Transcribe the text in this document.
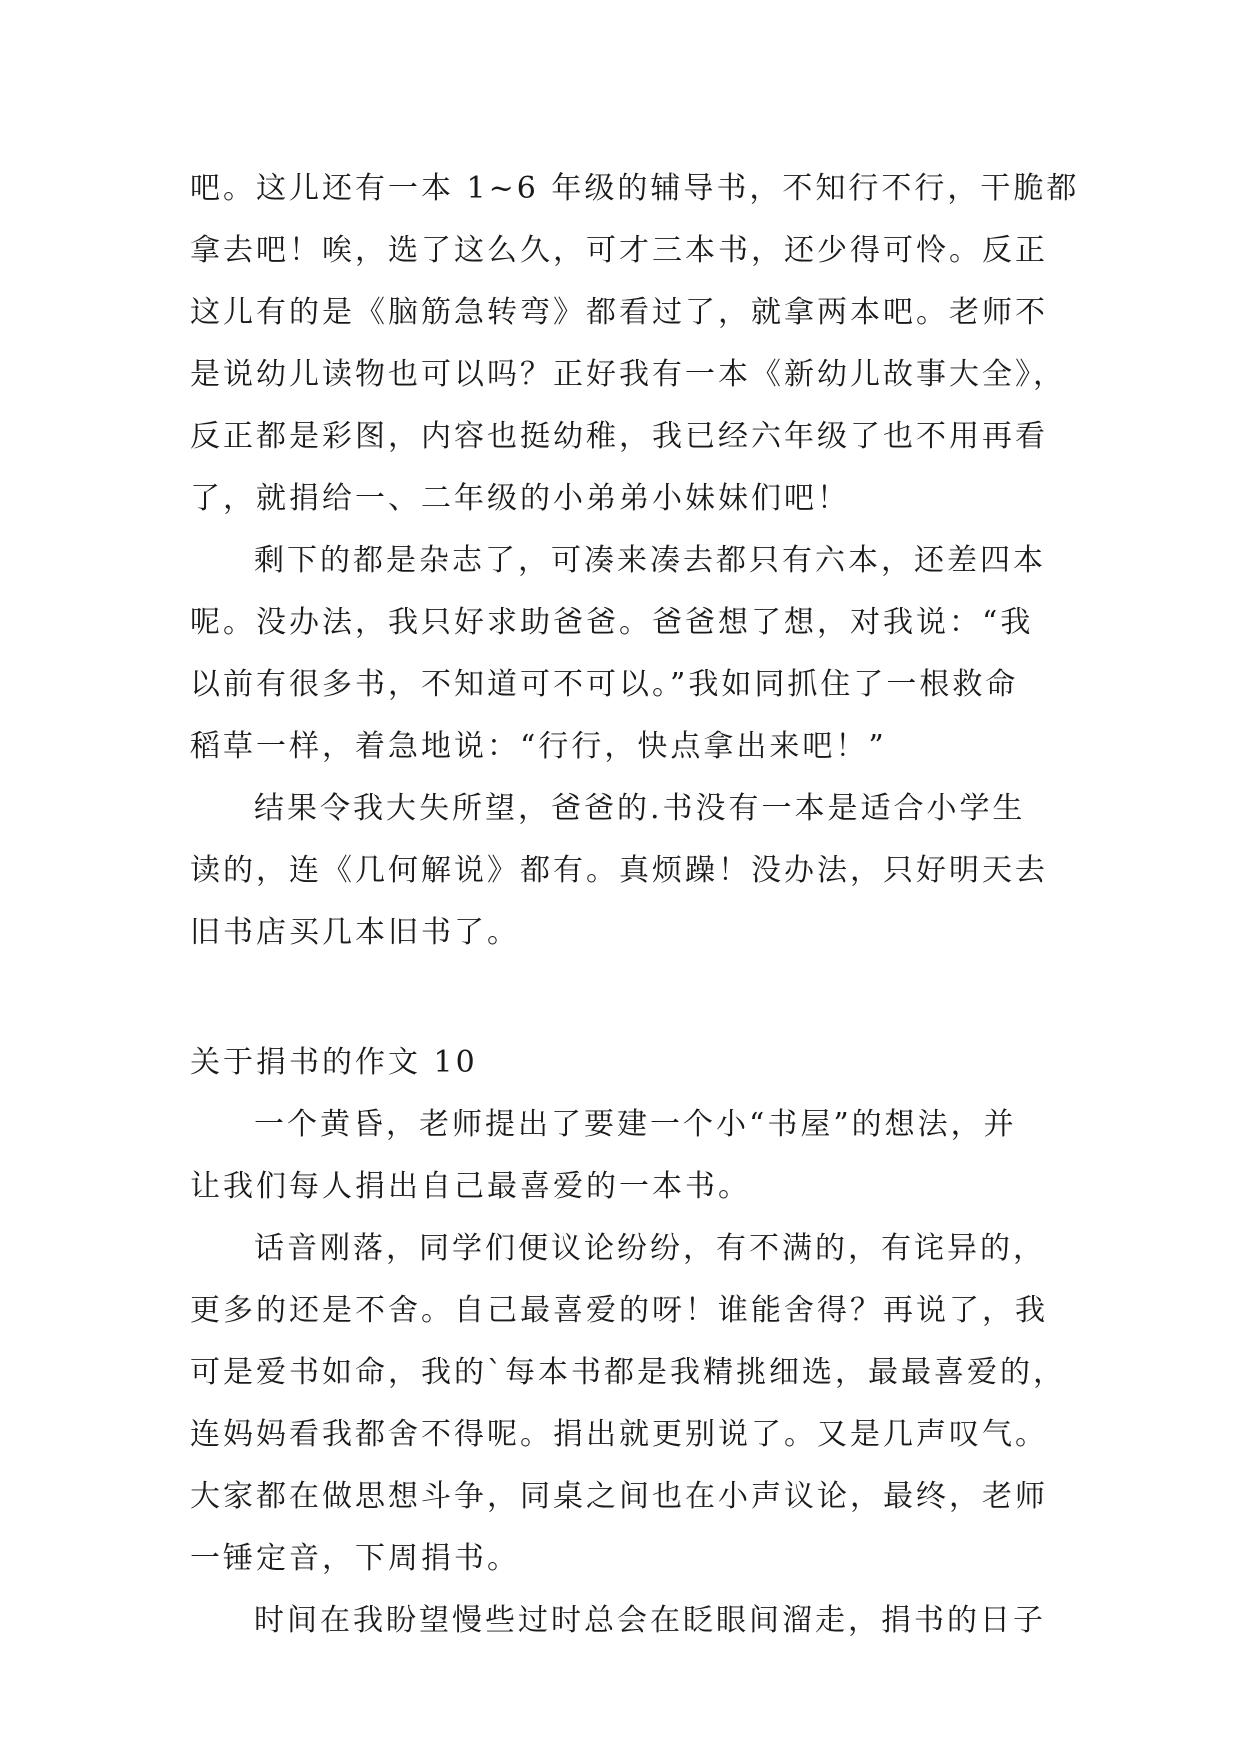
吧。这儿还有一本 1~6 年级的辅导书，不知行不行，干脆都
拿去吧！唉，选了这么久，可才三本书，还少得可怜。反正
这儿有的是《脑筋急转弯》都看过了，就拿两本吧。老师不
是说幼儿读物也可以吗？正好我有一本《新幼儿故事大全》，
反正都是彩图，内容也挺幼稚，我已经六年级了也不用再看
了，就捐给一、二年级的小弟弟小妹妹们吧！

剩下的都是杂志了，可凑来凑去都只有六本，还差四本
呢。没办法，我只好求助爸爸。爸爸想了想，对我说：“我
以前有很多书，不知道可不可以。”我如同抓住了一根救命
稻草一样，着急地说：“行行，快点拿出来吧！”

结果令我大失所望，爸爸的.书没有一本是适合小学生
读的，连《几何解说》都有。真烦躁！没办法，只好明天去
旧书店买几本旧书了。

关于捐书的作文 10

一个黄昏，老师提出了要建一个小“书屋”的想法，并
让我们每人捐出自己最喜爱的一本书。

话音刚落，同学们便议论纷纷，有不满的，有诧异的，
更多的还是不舍。自己最喜爱的呀！谁能舍得？再说了，我
可是爱书如命，我的`每本书都是我精挑细选，最最喜爱的，
连妈妈看我都舍不得呢。捐出就更别说了。又是几声叹气。
大家都在做思想斗争，同桌之间也在小声议论，最终，老师
一锤定音，下周捐书。

时间在我盼望慢些过时总会在眨眼间溜走，捐书的日子
